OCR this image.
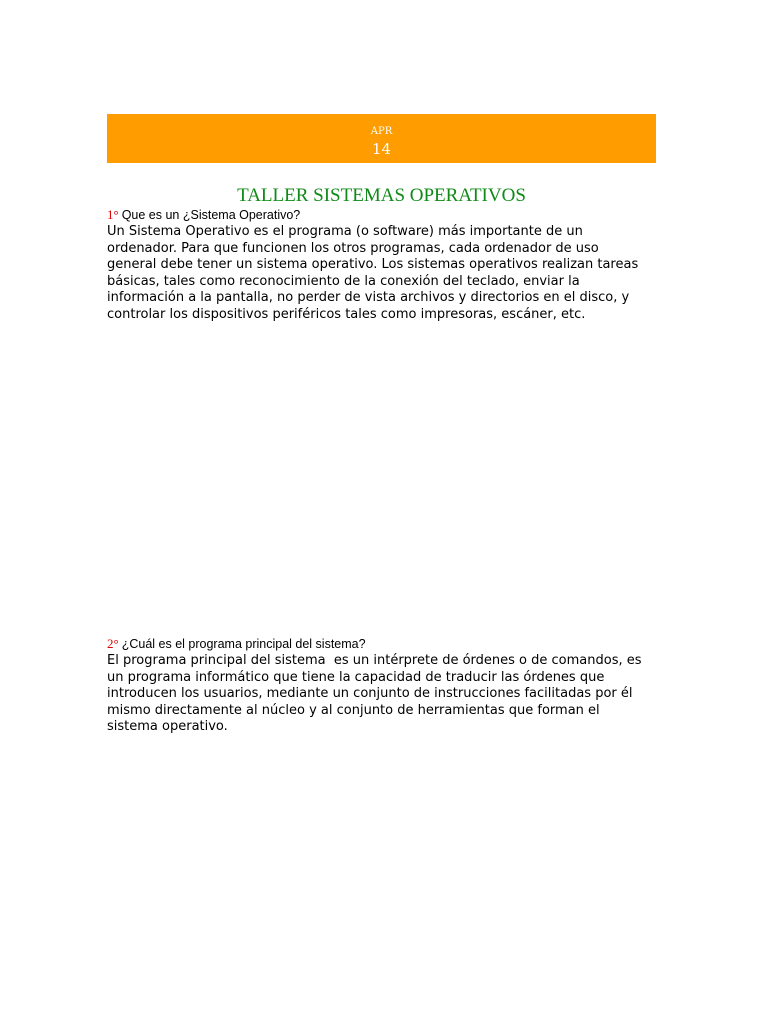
APR
14
TALLER SISTEMAS OPERATIVOS
1° Que es un ¿Sistema Operativo?
Un Sistema Operativo es el programa (o software) más importante de un
ordenador. Para que funcionen los otros programas, cada ordenador de uso
general debe tener un sistema operativo. Los sistemas operativos realizan tareas
básicas, tales como reconocimiento de la conexión del teclado, enviar la
información a la pantalla, no perder de vista archivos y directorios en el disco, y
controlar los dispositivos periféricos tales como impresoras, escáner, etc.
2° ¿Cuál es el programa principal del sistema?
El programa principal del sistema  es un intérprete de órdenes o de comandos, es
un programa informático que tiene la capacidad de traducir las órdenes que
introducen los usuarios, mediante un conjunto de instrucciones facilitadas por él
mismo directamente al núcleo y al conjunto de herramientas que forman el
sistema operativo.
